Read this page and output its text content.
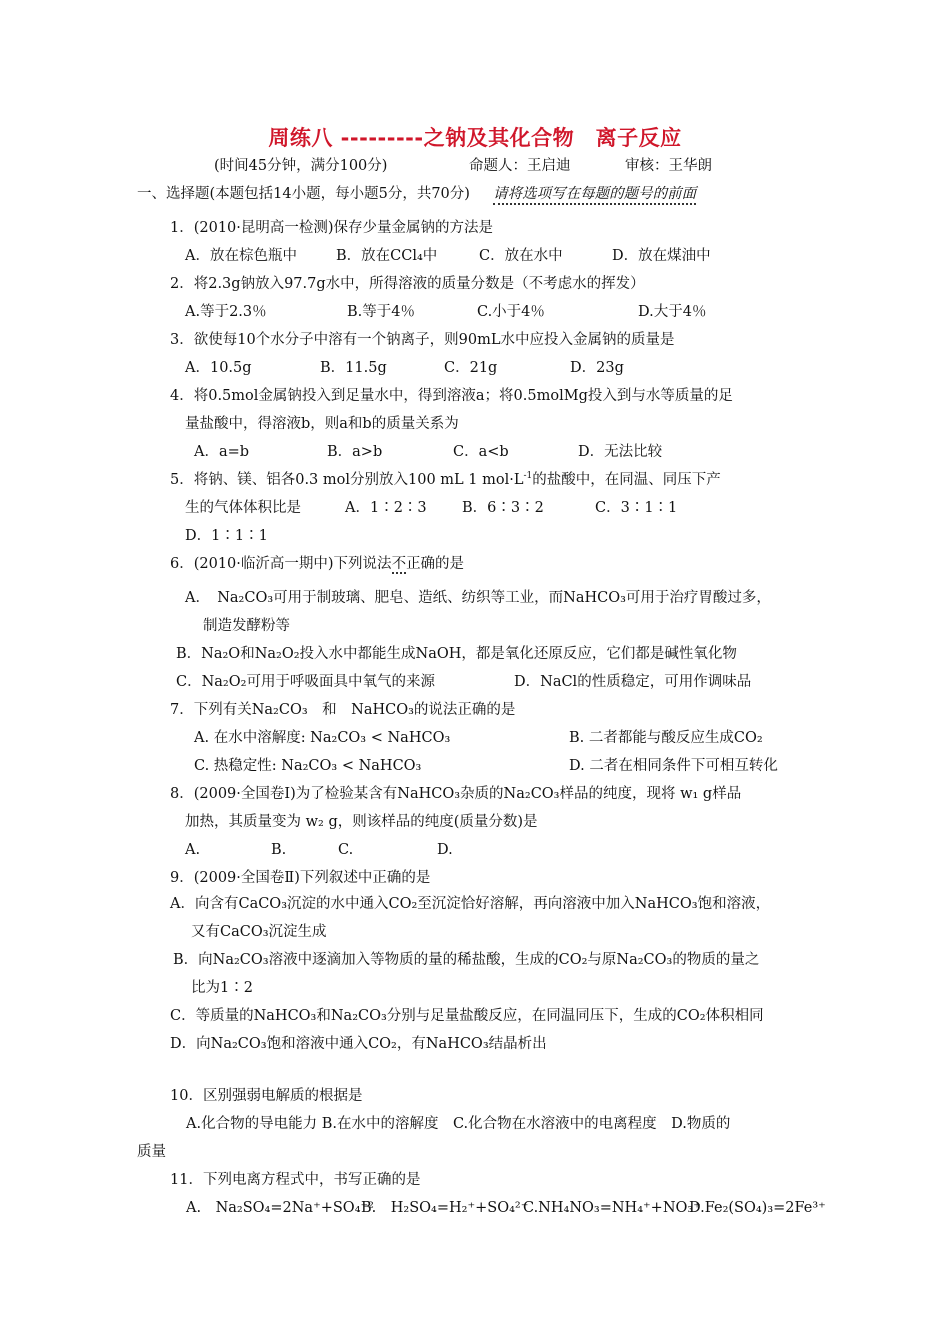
周练八 ---------之钠及其化合物　离子反应
(时间45分钟，满分100分)	命题人：王启迪	审核：王华朗
一、选择题(本题包括14小题，每小题5分，共70分) 请将选项写在每题的题号的前面
1．(2010·昆明高一检测)保存少量金属钠的方法是
A．放在棕色瓶中	B．放在CCl₄中	C．放在水中	D．放在煤油中
2．将2.3g钠放入97.7g水中，所得溶液的质量分数是（不考虑水的挥发）
A.等于2.3％	B.等于4％	C.小于4％	D.大于4％
3．欲使每10个水分子中溶有一个钠离子，则90mL水中应投入金属钠的质量是
A．10.5g	B．11.5g	C．21g	D．23g
4．将0.5mol金属钠投入到足量水中，得到溶液a；将0.5molMg投入到与水等质量的足
量盐酸中，得溶液b，则a和b的质量关系为
A．a=b	B．a>b	C．a<b	D．无法比较
5．将钠、镁、铝各0.3 mol分别放入100 mL 1 $mol\cdot L^{-1}$的盐酸中，在同温、同压下产
生的气体体积比是	A．1∶2∶3 B．6∶3∶2	C．3∶1∶1
D．1∶1∶1
6．(2010·临沂高一期中)下列说法不正确的是
A．　Na₂CO₃可用于制玻璃、肥皂、造纸、纺织等工业，而NaHCO₃可用于治疗胃酸过多，
制造发酵粉等
B．Na₂O和Na₂O₂投入水中都能生成NaOH，都是氧化还原反应，它们都是碱性氧化物
C．Na₂O₂可用于呼吸面具中氧气的来源	D．NaCl的性质稳定，可用作调味品
7．下列有关Na₂CO₃　和　NaHCO₃的说法正确的是
A. 在水中溶解度: Na₂CO₃ < NaHCO₃	B. 二者都能与酸反应生成CO₂
C. 热稳定性: Na₂CO₃ < NaHCO₃	D. 二者在相同条件下可相互转化
8．(2009·全国卷Ⅰ)为了检验某含有NaHCO₃杂质的Na₂CO₃样品的纯度，现将 w₁ g样品
加热，其质量变为 w₂ g，则该样品的纯度(质量分数)是
A.	B.	C.	D.
9．(2009·全国卷Ⅱ)下列叙述中正确的是
A．向含有CaCO₃沉淀的水中通入CO₂至沉淀恰好溶解，再向溶液中加入NaHCO₃饱和溶液，
又有CaCO₃沉淀生成
B．向Na₂CO₃溶液中逐滴加入等物质的量的稀盐酸，生成的CO₂与原Na₂CO₃的物质的量之
比为1∶2
C．等质量的NaHCO₃和Na₂CO₃分别与足量盐酸反应，在同温同压下，生成的CO₂体积相同
D．向Na₂CO₃饱和溶液中通入CO₂，有NaHCO₃结晶析出
10．区别强弱电解质的根据是
A.化合物的导电能力 B.在水中的溶解度　C.化合物在水溶液中的电离程度　D.物质的
质量
11．下列电离方程式中，书写正确的是
A.　Na₂SO₄=2Na⁺+SO₄⁻²
B.　H₂SO₄=H₂⁺+SO₄²⁻
C.NH₄NO₃=NH₄⁺+NO₃⁺
D.Fe₂(SO₄)₃=2Fe³⁺
